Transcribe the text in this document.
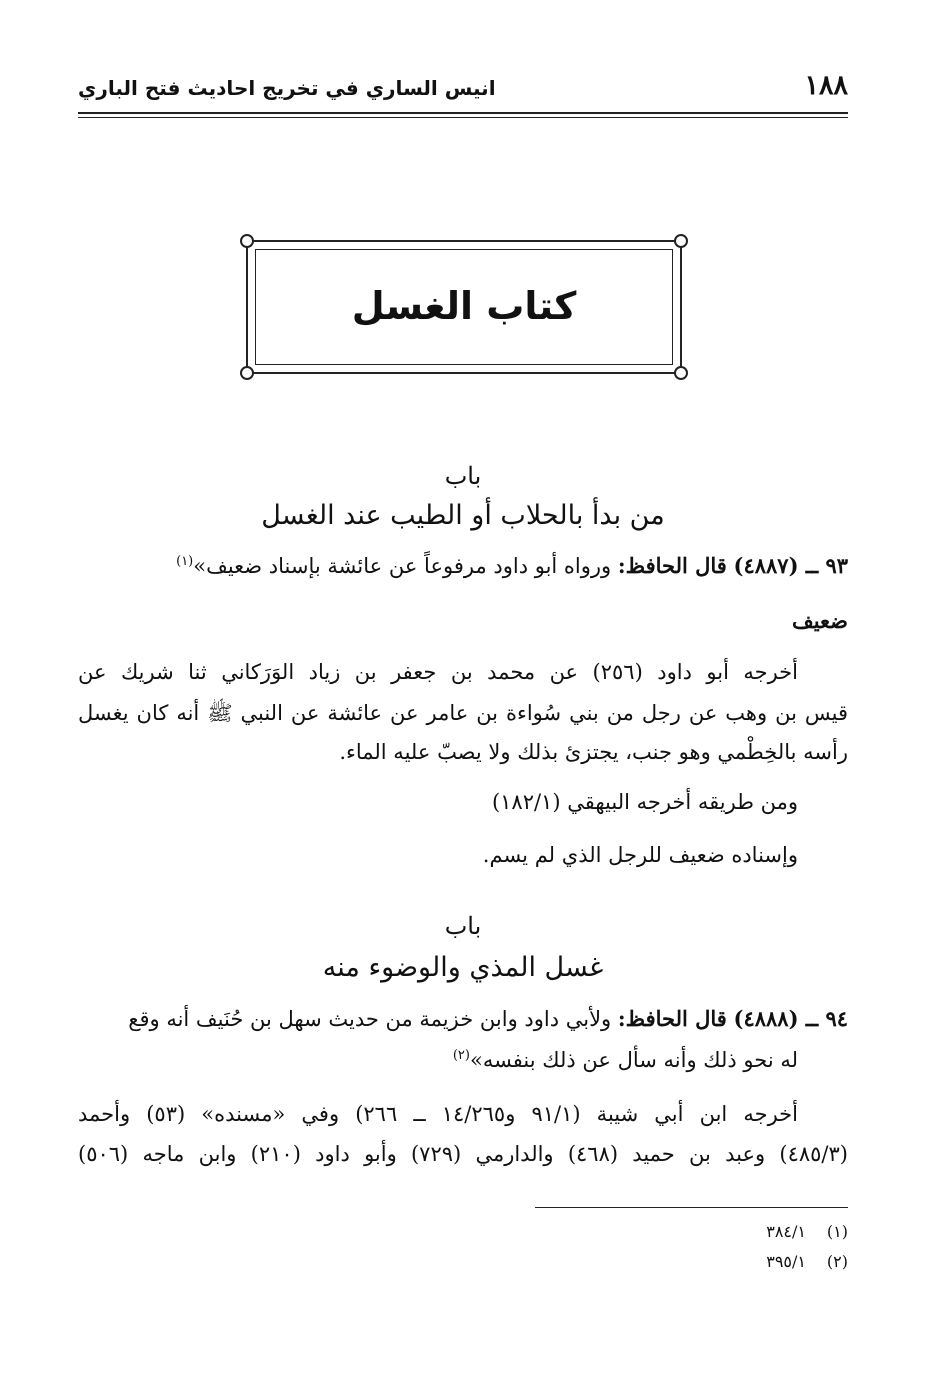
١٨٨
انيس الساري في تخريج احاديث فتح الباري
كتاب الغسل
باب
من بدأ بالحلاب أو الطيب عند الغسل
٩٣ ــ (٤٨٨٧) قال الحافظ: ورواه أبو داود مرفوعاً عن عائشة بإسناد ضعيف»$^{(١)}$
ضعيف
أخرجه أبو داود (٢٥٦) عن محمد بن جعفر بن زياد الوَرَكاني ثنا شريك عن
قيس بن وهب عن رجل من بني سُواءة بن عامر عن عائشة عن النبي ﷺ أنه كان يغسل
رأسه بالخِطْمي وهو جنب، يجتزئ بذلك ولا يصبّ عليه الماء.
ومن طريقه أخرجه البيهقي (١٨٢/١)
وإسناده ضعيف للرجل الذي لم يسم.
باب
غسل المذي والوضوء منه
٩٤ ــ (٤٨٨٨) قال الحافظ: ولأبي داود وابن خزيمة من حديث سهل بن حُنَيف أنه وقع
له نحو ذلك وأنه سأل عن ذلك بنفسه»$^{(٢)}$
أخرجه ابن أبي شيبة (٩١/١ و١٤/٢٦٥ ــ ٢٦٦) وفي «مسنده» (٥٣) وأحمد
(٤٨٥/٣) وعبد بن حميد (٤٦٨) والدارمي (٧٢٩) وأبو داود (٢١٠) وابن ماجه (٥٠٦)
(١)٣٨٤/١
(٢)٣٩٥/١
